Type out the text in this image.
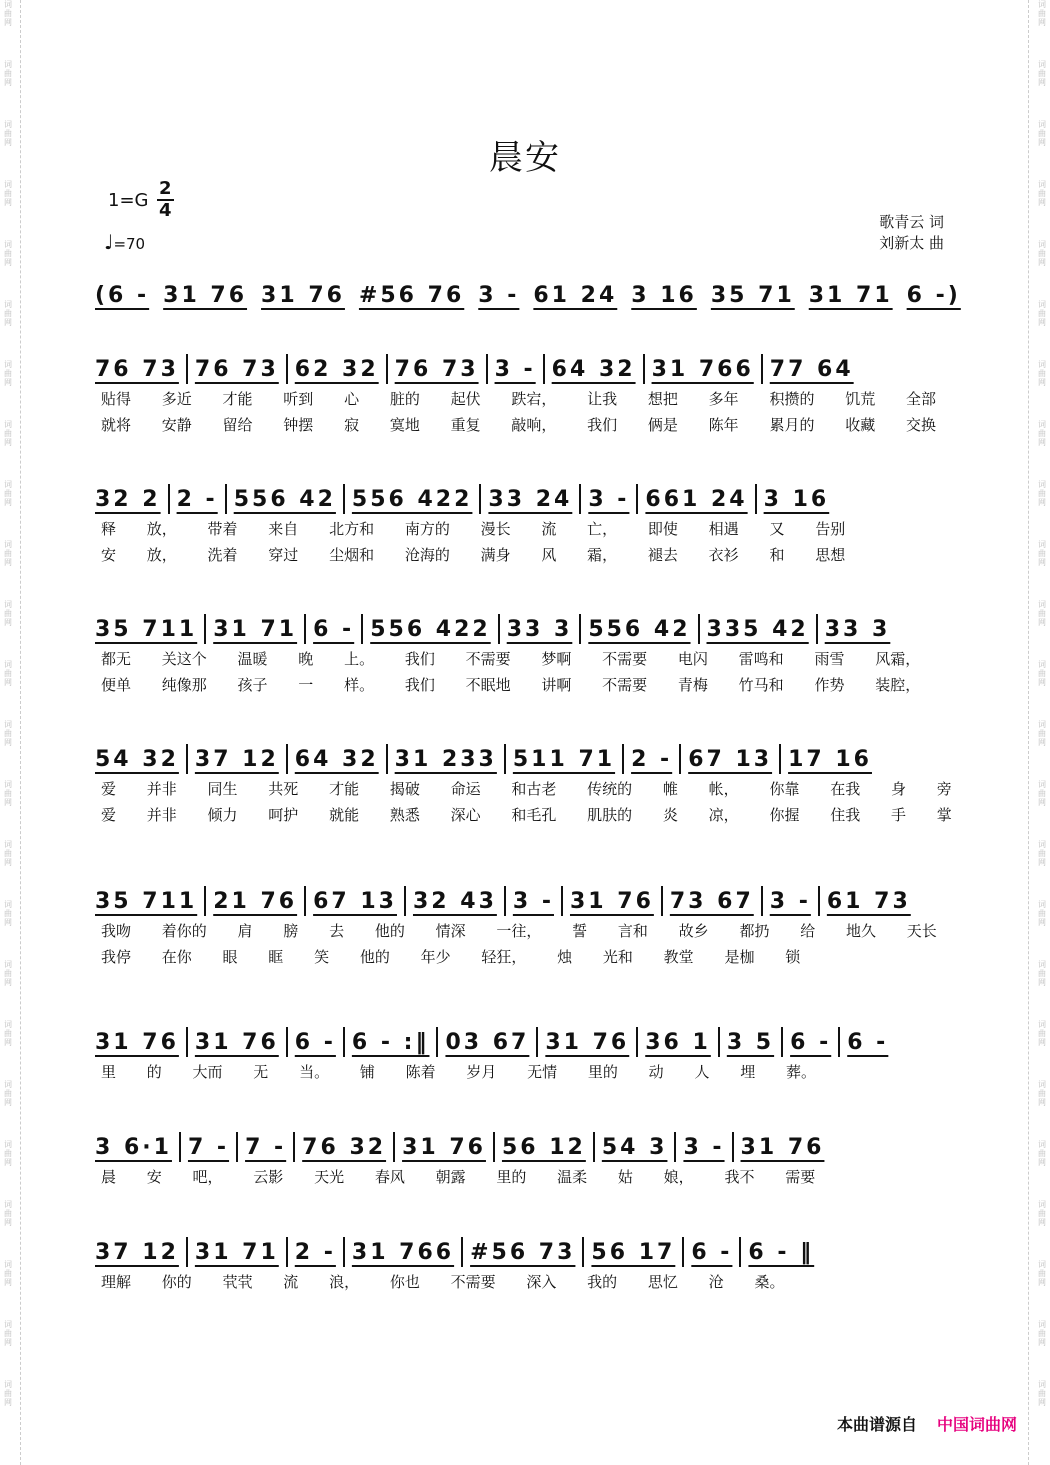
词
曲
网
词
曲
网
词
曲
网
词
曲
网
词
曲
网
词
曲
网
词
曲
网
词
曲
网
词
曲
网
词
曲
网
词
曲
网
词
曲
网
词
曲
网
词
曲
网
词
曲
网
词
曲
网
词
曲
网
词
曲
网
词
曲
网
词
曲
网
词
曲
网
词
曲
网
词
曲
网
词
曲
网
词
曲
网
词
曲
网
词
曲
网
词
曲
网
词
曲
网
词
曲
网
词
曲
网
词
曲
网
词
曲
网
词
曲
网
词
曲
网
词
曲
网
词
曲
网
词
曲
网
词
曲
网
词
曲
网
词
曲
网
词
曲
网
词
曲
网
词
曲
网
词
曲
网
词
曲
网
词
曲
网
词
曲
网
晨安
1=G
2
4
♩=70
歌青云 词
刘新太 曲
(6 - 31 76 31 76 #56 76 3 - 61 24 3 16 35 71 31 71 6 -)
76 73 76 73 62 32 76 73 3 - 64 32 31 766 77 64
贴得 多近 才能 听到 心 脏的 起伏 跌宕， 让我 想把 多年 积攒的 饥荒 全部
就将 安静 留给 钟摆 寂 寞地 重复 敲响， 我们 俩是 陈年 累月的 收藏 交换
32 2 2 - 556 42 556 422 33 24 3 - 661 24 3 16
释 放， 带着 来自 北方和 南方的 漫长 流 亡， 即使 相遇 又 告别
安 放， 洗着 穿过 尘烟和 沧海的 满身 风 霜， 褪去 衣衫 和 思想
35 711 31 71 6 - 556 422 33 3 556 42 335 42 33 3
都无 关这个 温暖 晚 上。 我们 不需要 梦啊 不需要 电闪 雷鸣和 雨雪 风霜，
便单 纯像那 孩子 一 样。 我们 不眠地 讲啊 不需要 青梅 竹马和 作势 装腔，
54 32 37 12 64 32 31 233 511 71 2 - 67 13 17 16
爱 并非 同生 共死 才能 揭破 命运 和古老 传统的 帷 帐， 你靠 在我 身 旁
爱 并非 倾力 呵护 就能 熟悉 深心 和毛孔 肌肤的 炎 凉， 你握 住我 手 掌
35 711 21 76 67 13 32 43 3 - 31 76 73 67 3 - 61 73
我吻 着你的 肩 膀 去 他的 情深 一往， 誓 言和 故乡 都扔 给 地久 天长
我停 在你 眼 眶 笑 他的 年少 轻狂， 烛 光和 教堂 是枷 锁
31 76 31 76 6 - 6 - :‖ 03 67 31 76 36 1 3 5 6 - 6 -
里 的 大而 无 当。 铺 陈着 岁月 无情 里的 动 人 埋 葬。
3 6·1 7 - 7 - 76 32 31 76 56 12 54 3 3 - 31 76
晨 安 吧， 云影 天光 春风 朝露 里的 温柔 姑 娘， 我不 需要
37 12 31 71 2 - 31 766 #56 73 56 17 6 - 6 - ‖
理解 你的 茕茕 流 浪， 你也 不需要 深入 我的 思忆 沧 桑。
本曲谱源自 中国词曲网
